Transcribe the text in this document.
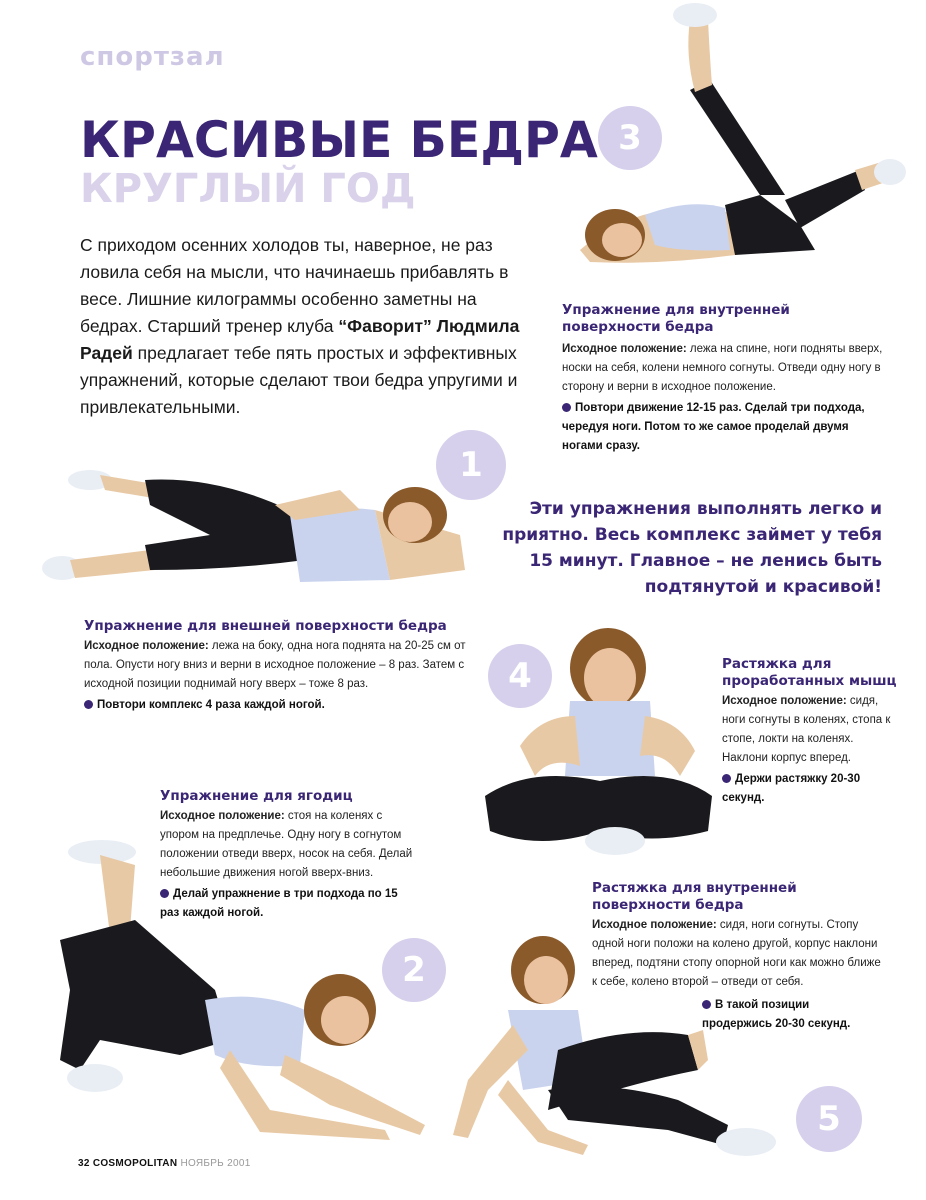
спортзал
КРАСИВЫЕ БЕДРА
КРУГЛЫЙ ГОД

С приходом осенних холодов ты, наверное, не раз ловила себя на мысли, что начинаешь прибавлять в весе. Лишние килограммы особенно заметны на бедрах. Старший тренер клуба “Фаворит” Людмила Радей предлагает тебе пять простых и эффективных упражнений, которые сделают твои бедра упругими и привлекательными.

3
Упражнение для внутренней поверхности бедра
Исходное положение: лежа на спине, ноги подняты вверх, носки на себя, колени немного согнуты. Отведи одну ногу в сторону и верни в исходное положение.
Повтори движение 12-15 раз. Сделай три подхода, чередуя ноги. Потом то же самое проделай двумя ногами сразу.
1
Эти упражнения выполнять легко и приятно. Весь комплекс займет у тебя 15 минут. Главное – не ленись быть подтянутой и красивой!
Упражнение для внешней поверхности бедра
Исходное положение: лежа на боку, одна нога поднята на 20-25 см от пола. Опусти ногу вниз и верни в исходное положение – 8 раз. Затем с исходной позиции поднимай ногу вверх – тоже 8 раз.
Повтори комплекс 4 раза каждой ногой.
4	Растяжка для проработанных мышц
Исходное положение: сидя, ноги согнуты в коленях, стопа к стопе, локти на коленях. Наклони корпус вперед.
Держи растяжку 20-30 секунд.
Упражнение для ягодиц
Исходное положение: стоя на коленях с упором на предплечье. Одну ногу в согнутом положении отведи вверх, носок на себя. Делай небольшие движения ногой вверх-вниз.
Делай упражнение в три подхода по 15 раз каждой ногой.
Растяжка для внутренней поверхности бедра
Исходное положение: сидя, ноги согнуты. Стопу одной ноги положи на колено другой, корпус наклони вперед, подтяни стопу опорной ноги как можно ближе к себе, колено второй – отведи от себя.
В такой позиции продержись 20-30 секунд.
2
5
32 COSMOPOLITAN НОЯБРЬ 2001
